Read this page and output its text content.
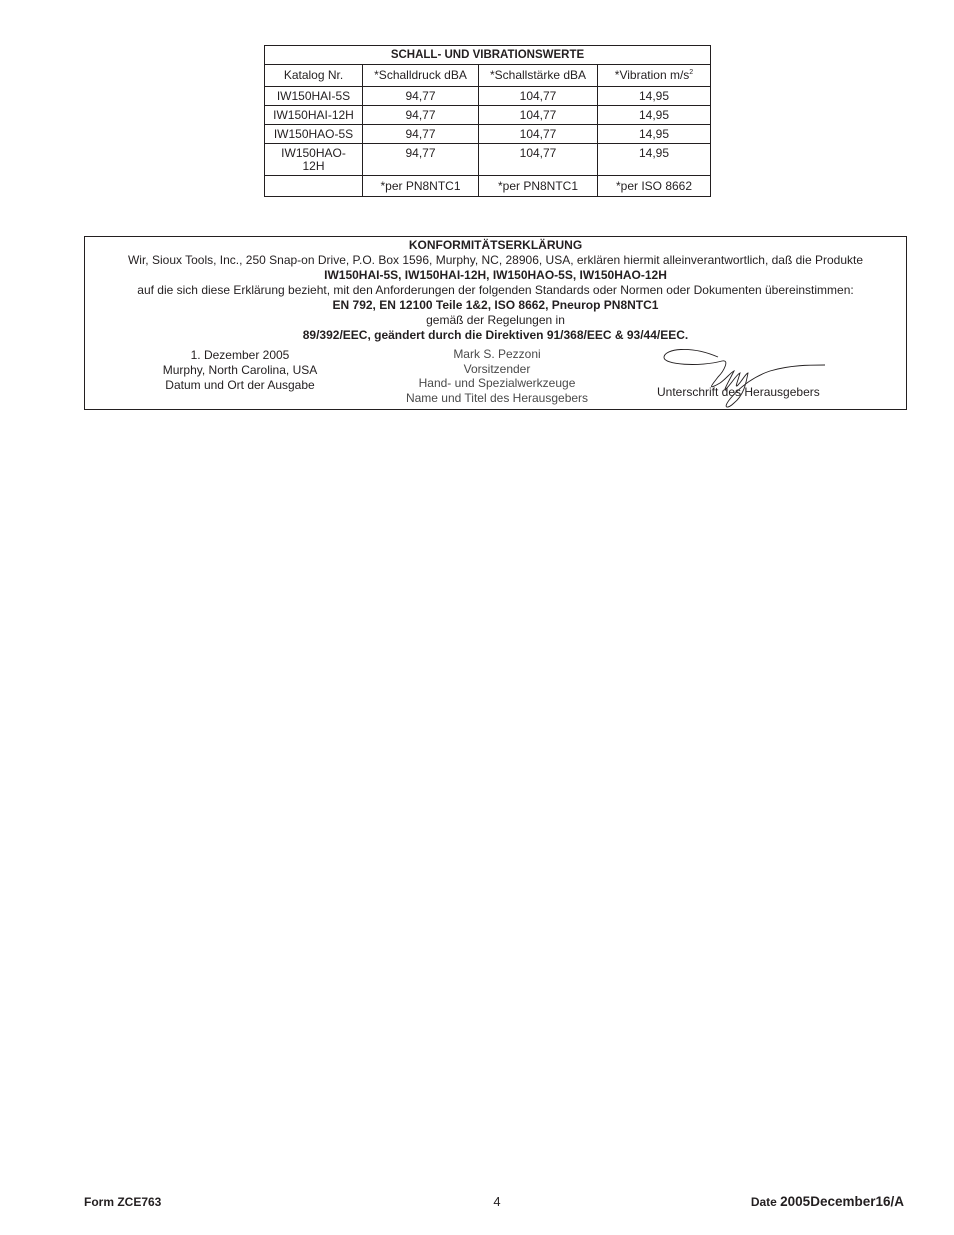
SCHALL- UND VIBRATIONSWERTE			
Katalog Nr.	*Schalldruck dBA	*Schallstärke dBA	*Vibration $m/s^2$
IW150HAI-5S	94,77	104,77	14,95
IW150HAI-12H	94,77	104,77	14,95
IW150HAO-5S	94,77	104,77	14,95
IW150HAO-
12H	94,77	104,77	14,95
	*per PN8NTC1	*per PN8NTC1	*per ISO 8662
KONFORMITÄTSERKLÄRUNG
Wir, Sioux Tools, Inc., 250 Snap-on Drive, P.O. Box 1596, Murphy, NC, 28906, USA, erklären hiermit alleinverantwortlich, daß die Produkte
IW150HAI-5S, IW150HAI-12H, IW150HAO-5S, IW150HAO-12H
auf die sich diese Erklärung bezieht, mit den Anforderungen der folgenden Standards oder Normen oder Dokumenten übereinstimmen:
EN 792, EN 12100 Teile 1&2, ISO 8662, Pneurop PN8NTC1
gemäß der Regelungen in
89/392/EEC, geändert durch die Direktiven 91/368/EEC & 93/44/EEC.
1. Dezember 2005
Murphy, North Carolina, USA
Datum und Ort der Ausgabe
Mark S. Pezzoni
Vorsitzender
Hand- und Spezialwerkzeuge
Name und Titel des Herausgebers	Unterschrift des Herausgebers
Form ZCE763	4	Date 2005December16/A
